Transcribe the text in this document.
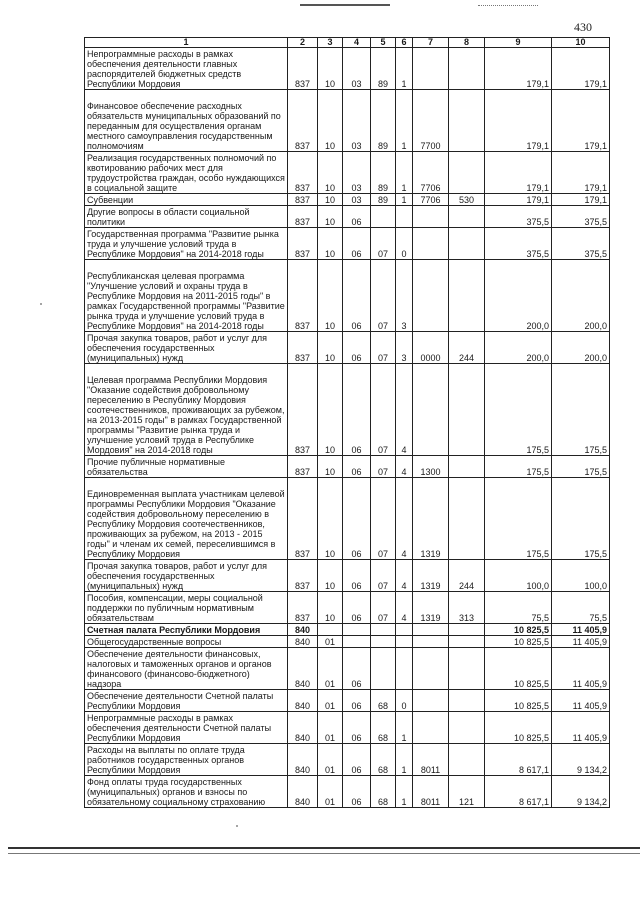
430
1	2	3	4	5	6	7	8	9	10
Непрограммные расходы в рамках обеспечения деятельности главных распорядителей бюджетных средств Республики Мордовия	837	10	03	89	1			179,1	179,1
Финансовое обеспечение расходных обязательств муниципальных образований по переданным для осуществления органам местного самоуправления государственным полномочиям	837	10	03	89	1	7700		179,1	179,1
Реализация государственных полномочий по квотированию рабочих мест для трудоустройства граждан, особо нуждающихся в социальной защите	837	10	03	89	1	7706		179,1	179,1
Субвенции	837	10	03	89	1	7706	530	179,1	179,1
Другие вопросы в области социальной политики	837	10	06					375,5	375,5
Государственная программа "Развитие рынка труда и улучшение условий труда в Республике Мордовия" на 2014-2018 годы	837	10	06	07	0			375,5	375,5
Республиканская целевая программа "Улучшение условий и охраны труда в Республике Мордовия на 2011-2015 годы" в рамках Государственной программы "Развитие рынка труда и улучшение условий труда в Республике Мордовия" на 2014-2018 годы	837	10	06	07	3			200,0	200,0
Прочая закупка товаров, работ и услуг для обеспечения государственных (муниципальных) нужд	837	10	06	07	3	0000	244	200,0	200,0
Целевая программа Республики Мордовия "Оказание содействия добровольному переселению в Республику Мордовия соотечественников, проживающих за рубежом, на 2013-2015 годы" в рамках Государственной программы "Развитие рынка труда и улучшение условий труда в Республике Мордовия" на 2014-2018 годы	837	10	06	07	4			175,5	175,5
Прочие публичные нормативные обязательства	837	10	06	07	4	1300		175,5	175,5
Единовременная выплата участникам целевой программы Республики Мордовия "Оказание содействия добровольному переселению в Республику Мордовия соотечественников, проживающих за рубежом, на 2013 - 2015 годы" и членам их семей, переселившимся в Республику Мордовия	837	10	06	07	4	1319		175,5	175,5
Прочая закупка товаров, работ и услуг для обеспечения государственных (муниципальных) нужд	837	10	06	07	4	1319	244	100,0	100,0
Пособия, компенсации, меры социальной поддержки по публичным нормативным обязательствам	837	10	06	07	4	1319	313	75,5	75,5
Счетная палата Республики Мордовия	840							10 825,5	11 405,9
Общегосударственные вопросы	840	01						10 825,5	11 405,9
Обеспечение деятельности финансовых, налоговых и таможенных органов и органов финансового (финансово-бюджетного) надзора	840	01	06					10 825,5	11 405,9
Обеспечение деятельности Счетной палаты Республики Мордовия	840	01	06	68	0			10 825,5	11 405,9
Непрограммные расходы в рамках обеспечения деятельности Счетной палаты Республики Мордовия	840	01	06	68	1			10 825,5	11 405,9
Расходы на выплаты по оплате труда работников государственных органов Республики Мордовия	840	01	06	68	1	8011		8 617,1	9 134,2
Фонд оплаты труда государственных (муниципальных) органов и взносы по обязательному социальному страхованию	840	01	06	68	1	8011	121	8 617,1	9 134,2
